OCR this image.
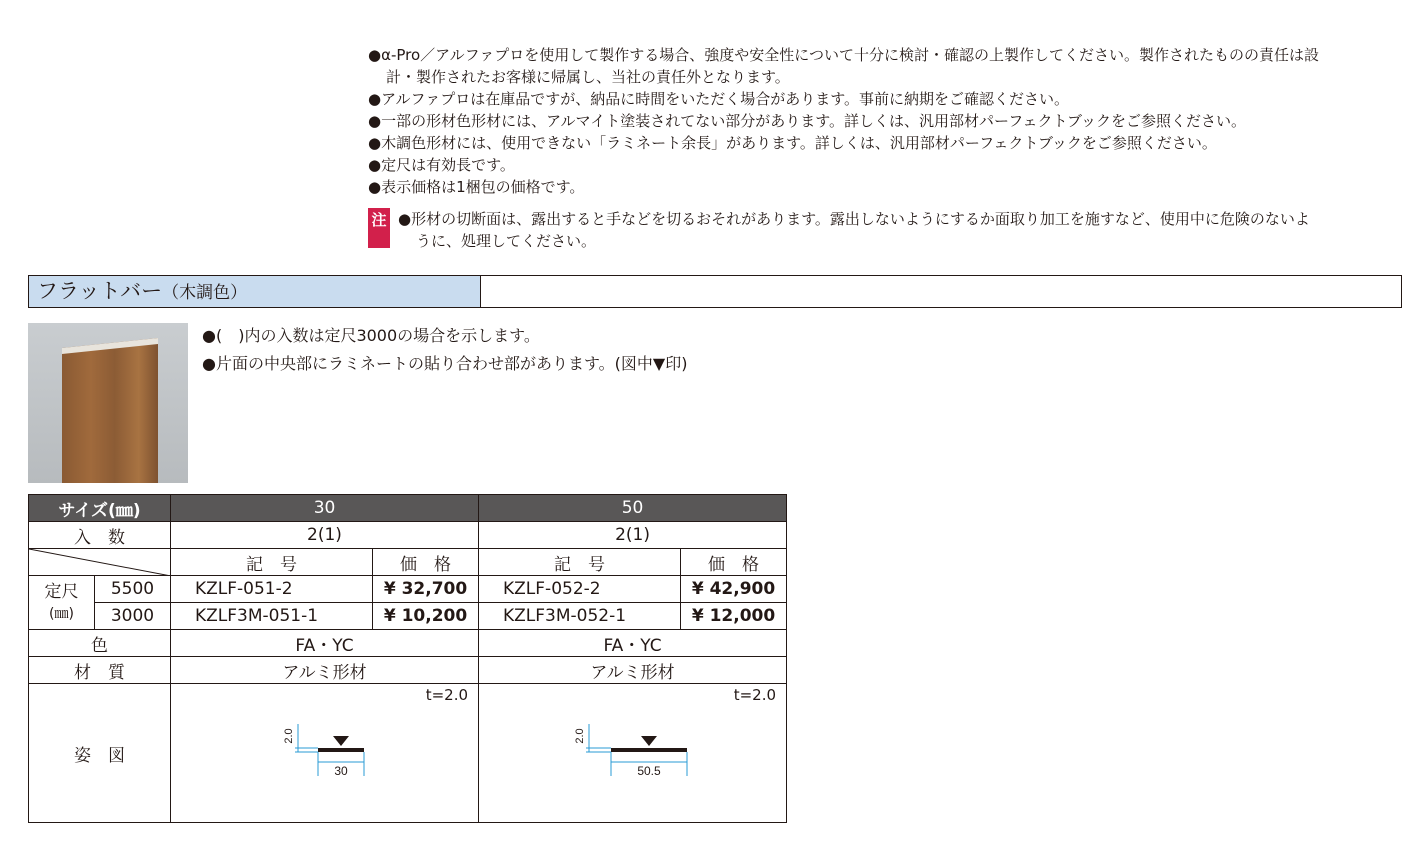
●α-Pro／アルファプロを使用して製作する場合、強度や安全性について十分に検討・確認の上製作してください。製作されたものの責任は設
計・製作されたお客様に帰属し、当社の責任外となります。
●アルファプロは在庫品ですが、納品に時間をいただく場合があります。事前に納期をご確認ください。
●一部の形材色形材には、アルマイト塗装されてない部分があります。詳しくは、汎用部材パーフェクトブックをご参照ください。
●木調色形材には、使用できない「ラミネート余長」があります。詳しくは、汎用部材パーフェクトブックをご参照ください。
●定尺は有効長です。
●表示価格は1梱包の価格です。
注 ●形材の切断面は、露出すると手などを切るおそれがあります。露出しないようにするか面取り加工を施すなど、使用中に危険のないよ
うに、処理してください。
フラットバー（木調色）
●(　)内の入数は定尺3000の場合を示します。
●片面の中央部にラミネートの貼り合わせ部があります。(図中▼印)
サイズ(㎜)		30		50	
入　数		2(1)		2(1)	

	記　号	価　格	記　号	価　格

定尺
(㎜)	5500	KZLF-051-2	¥ 32,700	KZLF-052-2	¥ 42,900
	3000	KZLF3M-051-1	¥ 10,200	KZLF3M-052-1	¥ 12,000
色		FA・YC		FA・YC	
材　質		アルミ形材		アルミ形材	
姿　図		t=2.0
2.0
30		t=2.0
2.0
50.5	
